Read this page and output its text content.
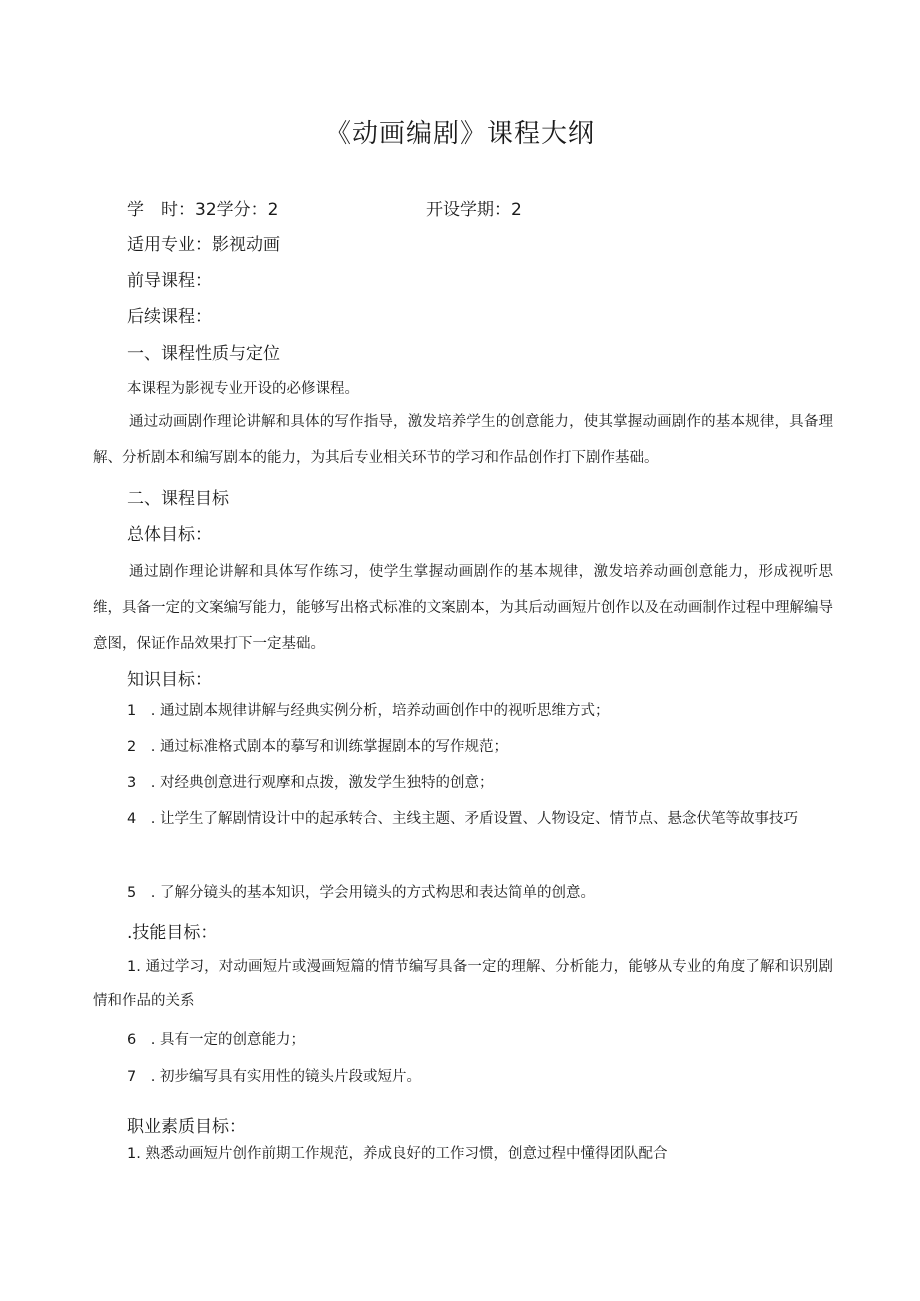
《动画编剧》课程大纲
学　时：32学分：2	开设学期：2
适用专业：影视动画
前导课程：
后续课程：
一、课程性质与定位
本课程为影视专业开设的必修课程。
通过动画剧作理论讲解和具体的写作指导，激发培养学生的创意能力，使其掌握动画剧作的基本规律，具备理解、分析剧本和编写剧本的能力，为其后专业相关环节的学习和作品创作打下剧作基础。
二、课程目标
总体目标：
通过剧作理论讲解和具体写作练习，使学生掌握动画剧作的基本规律，激发培养动画创意能力，形成视听思维，具备一定的文案编写能力，能够写出格式标准的文案剧本，为其后动画短片创作以及在动画制作过程中理解编导意图，保证作品效果打下一定基础。
知识目标：
1　. 通过剧本规律讲解与经典实例分析，培养动画创作中的视听思维方式；
2　. 通过标准格式剧本的摹写和训练掌握剧本的写作规范；
3　. 对经典创意进行观摩和点拨，激发学生独特的创意；
4　. 让学生了解剧情设计中的起承转合、主线主题、矛盾设置、人物设定、情节点、悬念伏笔等故事技巧
5　. 了解分镜头的基本知识，学会用镜头的方式构思和表达简单的创意。
.技能目标：
1. 通过学习，对动画短片或漫画短篇的情节编写具备一定的理解、分析能力，能够从专业的角度了解和识别剧情和作品的关系
6　. 具有一定的创意能力；
7　. 初步编写具有实用性的镜头片段或短片。
职业素质目标：
1. 熟悉动画短片创作前期工作规范，养成良好的工作习惯，创意过程中懂得团队配合
